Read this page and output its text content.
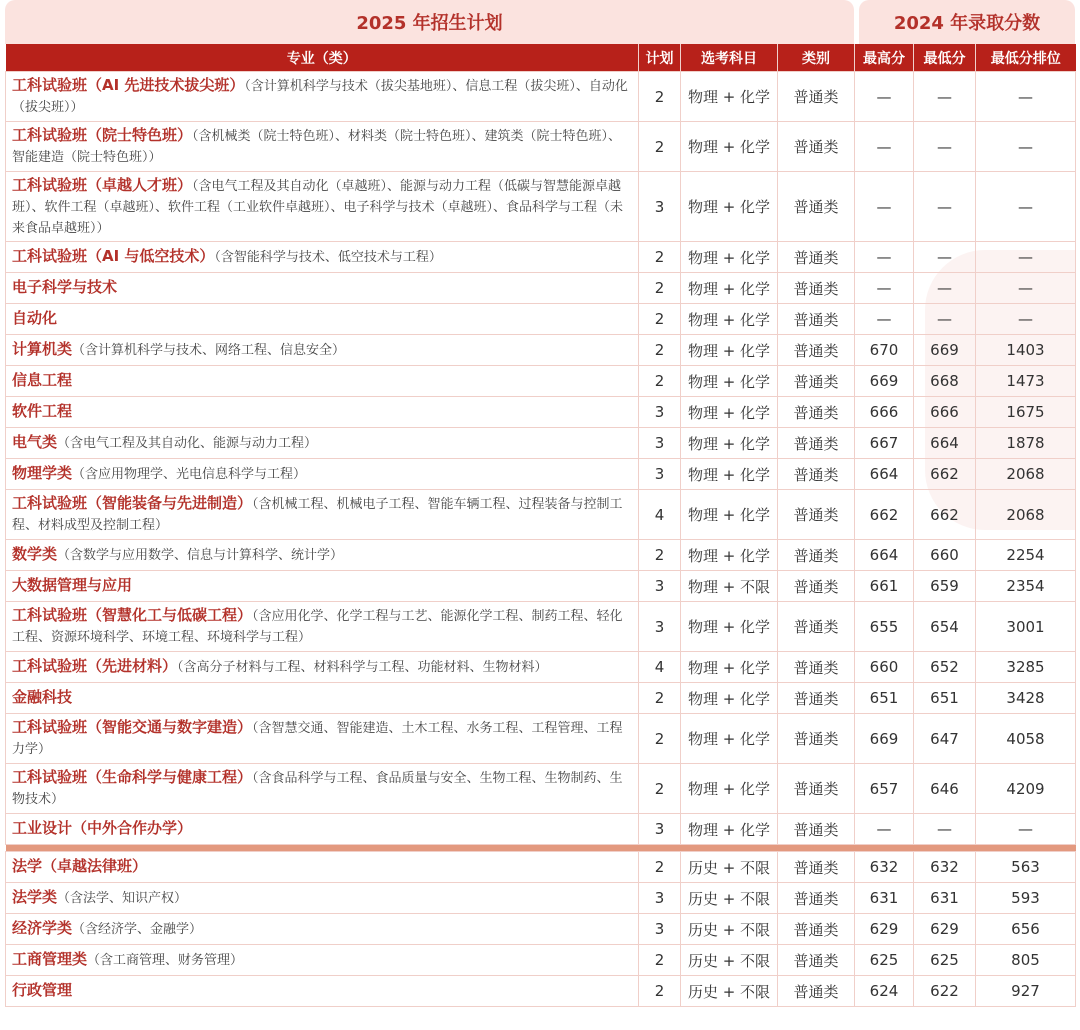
2025 年招生计划	2024 年录取分数
专业（类）	计划	选考科目	类别	最高分	最低分	最低分排位
工科试验班（AI 先进技术拔尖班）（含计算机科学与技术（拔尖基地班）、信息工程（拔尖班）、自动化（拔尖班））	2	物理 + 化学	普通类	—	—	—
工科试验班（院士特色班）（含机械类（院士特色班）、材料类（院士特色班）、建筑类（院士特色班）、智能建造（院士特色班））	2	物理 + 化学	普通类	—	—	—
工科试验班（卓越人才班）（含电气工程及其自动化（卓越班）、能源与动力工程（低碳与智慧能源卓越班）、软件工程（卓越班）、软件工程（工业软件卓越班）、电子科学与技术（卓越班）、食品科学与工程（未来食品卓越班））	3	物理 + 化学	普通类	—	—	—
工科试验班（AI 与低空技术）（含智能科学与技术、低空技术与工程）	2	物理 + 化学	普通类	—	—	—
电子科学与技术	2	物理 + 化学	普通类	—	—	—
自动化	2	物理 + 化学	普通类	—	—	—
计算机类（含计算机科学与技术、网络工程、信息安全）	2	物理 + 化学	普通类	670	669	1403
信息工程	2	物理 + 化学	普通类	669	668	1473
软件工程	3	物理 + 化学	普通类	666	666	1675
电气类（含电气工程及其自动化、能源与动力工程）	3	物理 + 化学	普通类	667	664	1878
物理学类（含应用物理学、光电信息科学与工程）	3	物理 + 化学	普通类	664	662	2068
工科试验班（智能装备与先进制造）（含机械工程、机械电子工程、智能车辆工程、过程装备与控制工程、材料成型及控制工程）	4	物理 + 化学	普通类	662	662	2068
数学类（含数学与应用数学、信息与计算科学、统计学）	2	物理 + 化学	普通类	664	660	2254
大数据管理与应用	3	物理 + 不限	普通类	661	659	2354
工科试验班（智慧化工与低碳工程）（含应用化学、化学工程与工艺、能源化学工程、制药工程、轻化工程、资源环境科学、环境工程、环境科学与工程）	3	物理 + 化学	普通类	655	654	3001
工科试验班（先进材料）（含高分子材料与工程、材料科学与工程、功能材料、生物材料）	4	物理 + 化学	普通类	660	652	3285
金融科技	2	物理 + 化学	普通类	651	651	3428
工科试验班（智能交通与数字建造）（含智慧交通、智能建造、土木工程、水务工程、工程管理、工程力学）	2	物理 + 化学	普通类	669	647	4058
工科试验班（生命科学与健康工程）（含食品科学与工程、食品质量与安全、生物工程、生物制药、生物技术）	2	物理 + 化学	普通类	657	646	4209
工业设计（中外合作办学）	3	物理 + 化学	普通类	—	—	—

法学（卓越法律班）	2	历史 + 不限	普通类	632	632	563
法学类（含法学、知识产权）	3	历史 + 不限	普通类	631	631	593
经济学类（含经济学、金融学）	3	历史 + 不限	普通类	629	629	656
工商管理类（含工商管理、财务管理）	2	历史 + 不限	普通类	625	625	805
行政管理	2	历史 + 不限	普通类	624	622	927
